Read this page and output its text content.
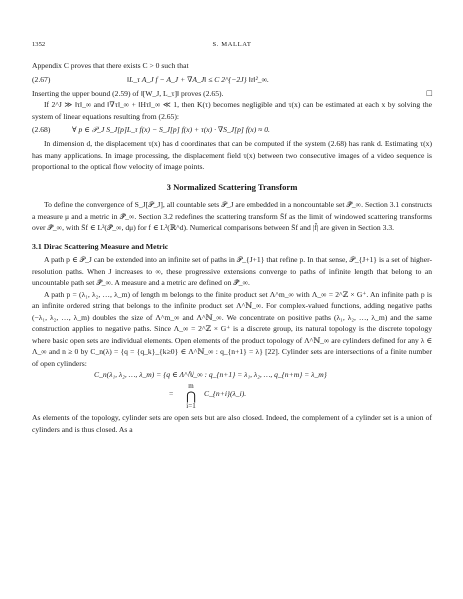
1352	S. MALLAT

Appendix C proves that there exists C > 0 such that

(2.67)	‖L_τ A_J f − A_J + ∇A_J‖ ≤ C 2^{−2J} ‖τ‖²_∞.

Inserting the upper bound (2.59) of ‖[W_J, L_τ]‖ proves (2.65).	□

If 2^J ≫ ‖τ‖_∞ and ‖∇τ‖_∞ + ‖Hτ‖_∞ ≪ 1, then K(τ) becomes negligible and τ(x) can be estimated at each x by solving the system of linear equations resulting from (2.65):

(2.68)	∀ p ∈ 𝒫_J S_J[p]L_τ f(x) − S_J[p] f(x) + τ(x) · ∇S_J[p] f(x) ≈ 0.

In dimension d, the displacement τ(x) has d coordinates that can be computed if the system (2.68) has rank d. Estimating τ(x) has many applications. In image processing, the displacement field τ(x) between two consecutive images of a video sequence is proportional to the optical flow velocity of image points.

3 Normalized Scattering Transform

To define the convergence of S_J[𝒫_J], all countable sets 𝒫_J are embedded in a noncountable set 𝒫̄_∞. Section 3.1 constructs a measure μ and a metric in 𝒫̄_∞. Section 3.2 redefines the scattering transform S̄f as the limit of windowed scattering transforms over 𝒫̄_∞, with S̄f ∈ L²(𝒫̄_∞, dμ) for f ∈ L²(ℝ^d). Numerical comparisons between S̄f and |f̂| are given in Section 3.3.

3.1 Dirac Scattering Measure and Metric

A path p ∈ 𝒫_J can be extended into an infinite set of paths in 𝒫_{J+1} that refine p. In that sense, 𝒫_{J+1} is a set of higher-resolution paths. When J increases to ∞, these progressive extensions converge to paths of infinite length that belong to an uncountable path set 𝒫̄_∞. A measure and a metric are defined on 𝒫̄_∞.

A path p = (λ₁, λ₂, …, λ_m) of length m belongs to the finite product set Λ^m_∞ with Λ_∞ = 2^ℤ × G⁺. An infinite path p is an infinite ordered string that belongs to the infinite product set Λ^ℕ_∞. For complex-valued functions, adding negative paths (−λ₁, λ₂, …, λ_m) doubles the size of Λ^m_∞ and Λ^ℕ_∞. We concentrate on positive paths (λ₁, λ₂, …, λ_m) and the same construction applies to negative paths. Since Λ_∞ = 2^ℤ × G⁺ is a discrete group, its natural topology is the discrete topology where basic open sets are individual elements. Open elements of the product topology of Λ^ℕ_∞ are cylinders defined for any λ ∈ Λ_∞ and n ≥ 0 by C_n(λ) = {q = {q_k}_{k≥0} ∈ Λ^ℕ_∞ : q_{n+1} = λ} [22]. Cylinder sets are intersections of a finite number of open cylinders:

C_n(λ₁, λ₂, …, λ_m) = {q ∈ Λ^ℕ_∞ : q_{n+1} = λ₁, λ₂, …, q_{n+m} = λ_m}
=
m
⋂
i=1
C_{n+i}(λ_i).

As elements of the topology, cylinder sets are open sets but are also closed. Indeed, the complement of a cylinder set is a union of cylinders and is thus closed. As a
